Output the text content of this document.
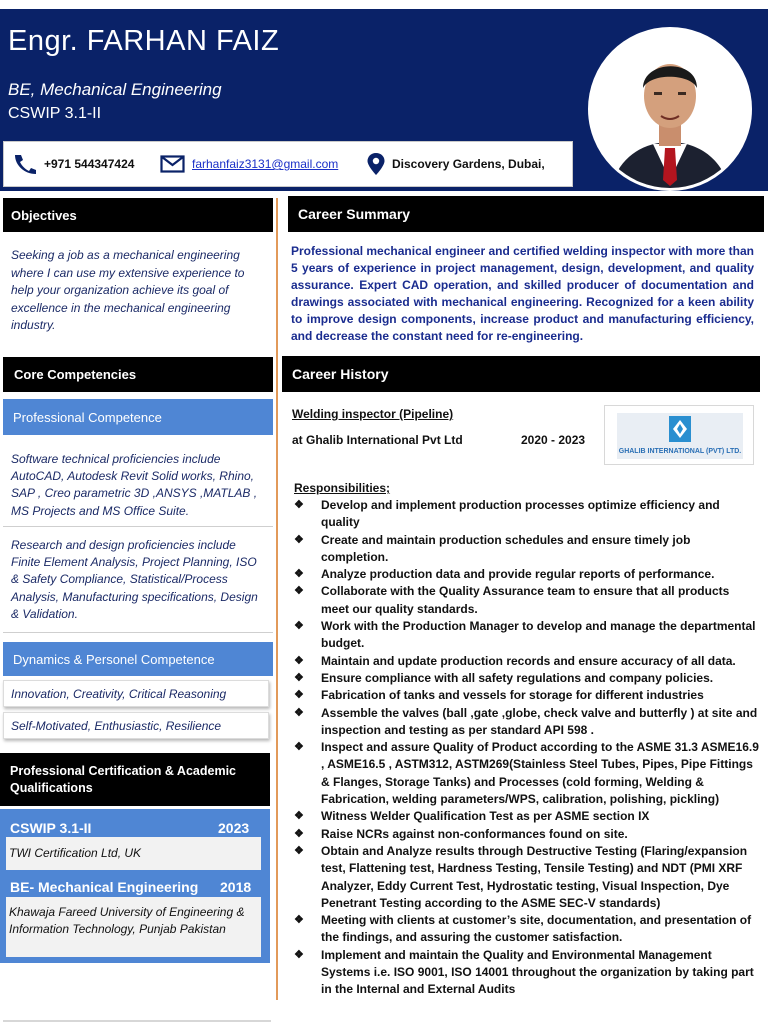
Engr. FARHAN FAIZ
BE, Mechanical Engineering
CSWIP 3.1-II
+971 544347424	farhanfaiz3131@gmail.com	Discovery Gardens, Dubai,
Objectives
Seeking a job as a mechanical engineering where I can use my extensive experience to help your organization achieve its goal of excellence in the mechanical engineering industry.
Core Competencies
Professional Competence
Software technical proficiencies include AutoCAD, Autodesk Revit Solid works, Rhino, SAP , Creo parametric 3D ,ANSYS ,MATLAB , MS Projects and MS Office Suite.
Research and design proficiencies include Finite Element Analysis, Project Planning, ISO & Safety Compliance, Statistical/Process Analysis, Manufacturing specifications, Design & Validation.
Dynamics & Personel Competence
Innovation, Creativity, Critical Reasoning
Self-Motivated, Enthusiastic, Resilience
Professional Certification & Academic Qualifications
CSWIP 3.1-II	2023
TWI Certification Ltd, UK
BE- Mechanical Engineering 2018
Khawaja Fareed University of Engineering & Information Technology, Punjab Pakistan
Career Summary
Professional mechanical engineer and certified welding inspector with more than 5 years of experience in project management, design, development, and quality assurance. Expert CAD operation, and skilled producer of documentation and drawings associated with mechanical engineering. Recognized for a keen ability to improve design components, increase product and manufacturing efficiency, and decrease the constant need for re-engineering.
Career History
Welding inspector (Pipeline)
at Ghalib International Pvt Ltd	2020 - 2023
GHALIB INTERNATIONAL (PVT) LTD.
Responsibilities;
❖ Develop and implement production processes optimize efficiency and quality
❖ Create and maintain production schedules and ensure timely job completion.
❖ Analyze production data and provide regular reports of performance.
❖ Collaborate with the Quality Assurance team to ensure that all products meet our quality standards.
❖ Work with the Production Manager to develop and manage the departmental budget.
❖ Maintain and update production records and ensure accuracy of all data.
❖ Ensure compliance with all safety regulations and company policies.
❖ Fabrication of tanks and vessels for storage for different industries
❖ Assemble the valves (ball ,gate ,globe, check valve and butterfly ) at site and inspection and testing as per standard API 598 .
❖ Inspect and assure Quality of Product according to the ASME 31.3 ASME16.9 , ASME16.5 , ASTM312, ASTM269(Stainless Steel Tubes, Pipes, Pipe Fittings & Flanges, Storage Tanks) and Processes (cold forming, Welding & Fabrication, welding parameters/WPS, calibration, polishing, pickling)
❖ Witness Welder Qualification Test as per ASME section IX
❖ Raise NCRs against non-conformances found on site.
❖ Obtain and Analyze results through Destructive Testing (Flaring/expansion test, Flattening test, Hardness Testing, Tensile Testing) and NDT (PMI XRF Analyzer, Eddy Current Test, Hydrostatic testing, Visual Inspection, Dye Penetrant Testing according to the ASME SEC-V standards)
❖ Meeting with clients at customer’s site, documentation, and presentation of the findings, and assuring the customer satisfaction.
❖ Implement and maintain the Quality and Environmental Management Systems i.e. ISO 9001, ISO 14001 throughout the organization by taking part in the Internal and External Audits
